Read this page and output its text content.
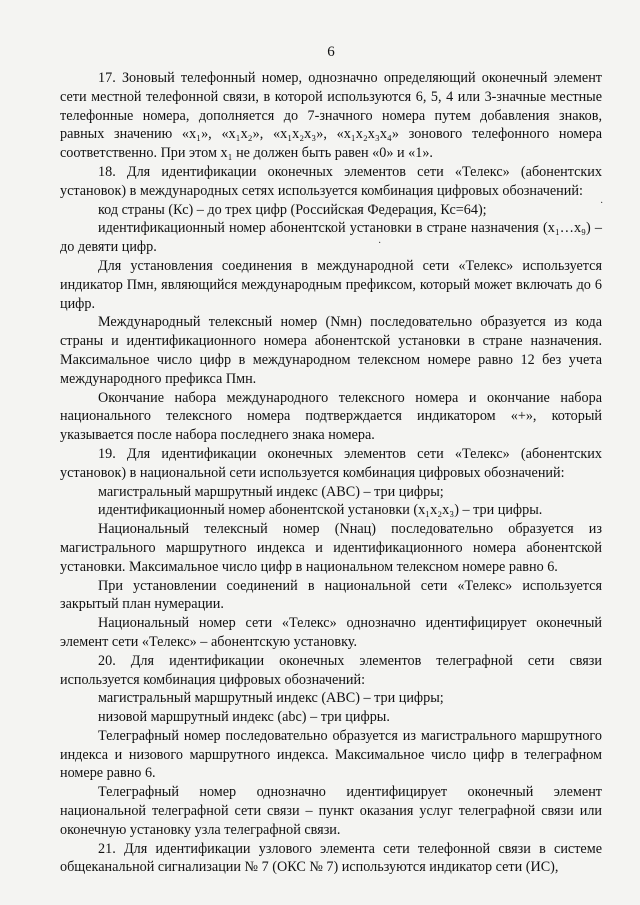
6

17. Зоновый телефонный номер, однозначно определяющий оконечный элемент сети местной телефонной связи, в которой используются 6, 5, 4 или 3-значные местные телефонные номера, дополняется до 7-значного номера путем добавления знаков, равных значению «x₁», «x₁x₂», «x₁x₂x₃», «x₁x₂x₃x₄» зонового телефонного номера соответственно. При этом x₁ не должен быть равен «0» и «1».

18. Для идентификации оконечных элементов сети «Телекс» (абонентских установок) в международных сетях используется комбинация цифровых обозначений:

код страны (Кс) – до трех цифр (Российская Федерация, Кс=64);

идентификационный номер абонентской установки в стране назначения (x₁…x₉) – до девяти цифр.

Для установления соединения в международной сети «Телекс» используется индикатор Пмн, являющийся международным префиксом, который может включать до 6 цифр.

Международный телексный номер (Nмн) последовательно образуется из кода страны и идентификационного номера абонентской установки в стране назначения. Максимальное число цифр в международном телексном номере равно 12 без учета международного префикса Пмн.

Окончание набора международного телексного номера и окончание набора национального телексного номера подтверждается индикатором «+», который указывается после набора последнего знака номера.

19. Для идентификации оконечных элементов сети «Телекс» (абонентских установок) в национальной сети используется комбинация цифровых обозначений:

магистральный маршрутный индекс (ABC) – три цифры;

идентификационный номер абонентской установки (x₁x₂x₃) – три цифры.

Национальный телексный номер (Nнац) последовательно образуется из магистрального маршрутного индекса и идентификационного номера абонентской установки. Максимальное число цифр в национальном телексном номере равно 6.

При установлении соединений в национальной сети «Телекс» используется закрытый план нумерации.

Национальный номер сети «Телекс» однозначно идентифицирует оконечный элемент сети «Телекс» – абонентскую установку.

20. Для идентификации оконечных элементов телеграфной сети связи используется комбинация цифровых обозначений:

магистральный маршрутный индекс (ABC) – три цифры;

низовой маршрутный индекс (abc) – три цифры.

Телеграфный номер последовательно образуется из магистрального маршрутного индекса и низового маршрутного индекса. Максимальное число цифр в телеграфном номере равно 6.

Телеграфный номер однозначно идентифицирует оконечный элемент национальной телеграфной сети связи – пункт оказания услуг телеграфной связи или оконечную установку узла телеграфной связи.

21. Для идентификации узлового элемента сети телефонной связи в системе общеканальной сигнализации № 7 (ОКС № 7) используются индикатор сети (ИС),

·
·
